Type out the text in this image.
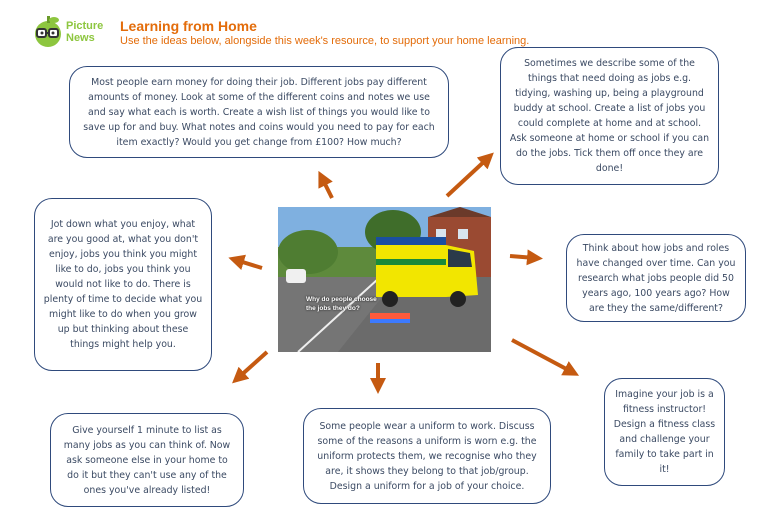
Picture
News
Learning from Home
Use the ideas below, alongside this week's resource, to support your home learning.
Why do people choose the jobs they do?
Most people earn money for doing their job. Different jobs pay different amounts of money. Look at some of the different coins and notes we use and say what each is worth. Create a wish list of things you would like to save up for and buy. What notes and coins would you need to pay for each item exactly? Would you get change from £100? How much?
Sometimes we describe some of the things that need doing as jobs e.g. tidying, washing up, being a playground buddy at school. Create a list of jobs you could complete at home and at school. Ask someone at home or school if you can do the jobs. Tick them off once they are done!
Jot down what you enjoy, what are you good at, what you don't enjoy, jobs you think you might like to do, jobs you think you would not like to do. There is plenty of time to decide what you might like to do when you grow up but thinking about these things might help you.
Think about how jobs and roles have changed over time. Can you research what jobs people did 50 years ago, 100 years ago? How are they the same/different?
Imagine your job is a fitness instructor! Design a fitness class and challenge your family to take part in it!
Some people wear a uniform to work. Discuss some of the reasons a uniform is worn e.g. the uniform protects them, we recognise who they are, it shows they belong to that job/group. Design a uniform for a job of your choice.
Give yourself 1 minute to list as many jobs as you can think of. Now ask someone else in your home to do it but they can't use any of the ones you've already listed!
